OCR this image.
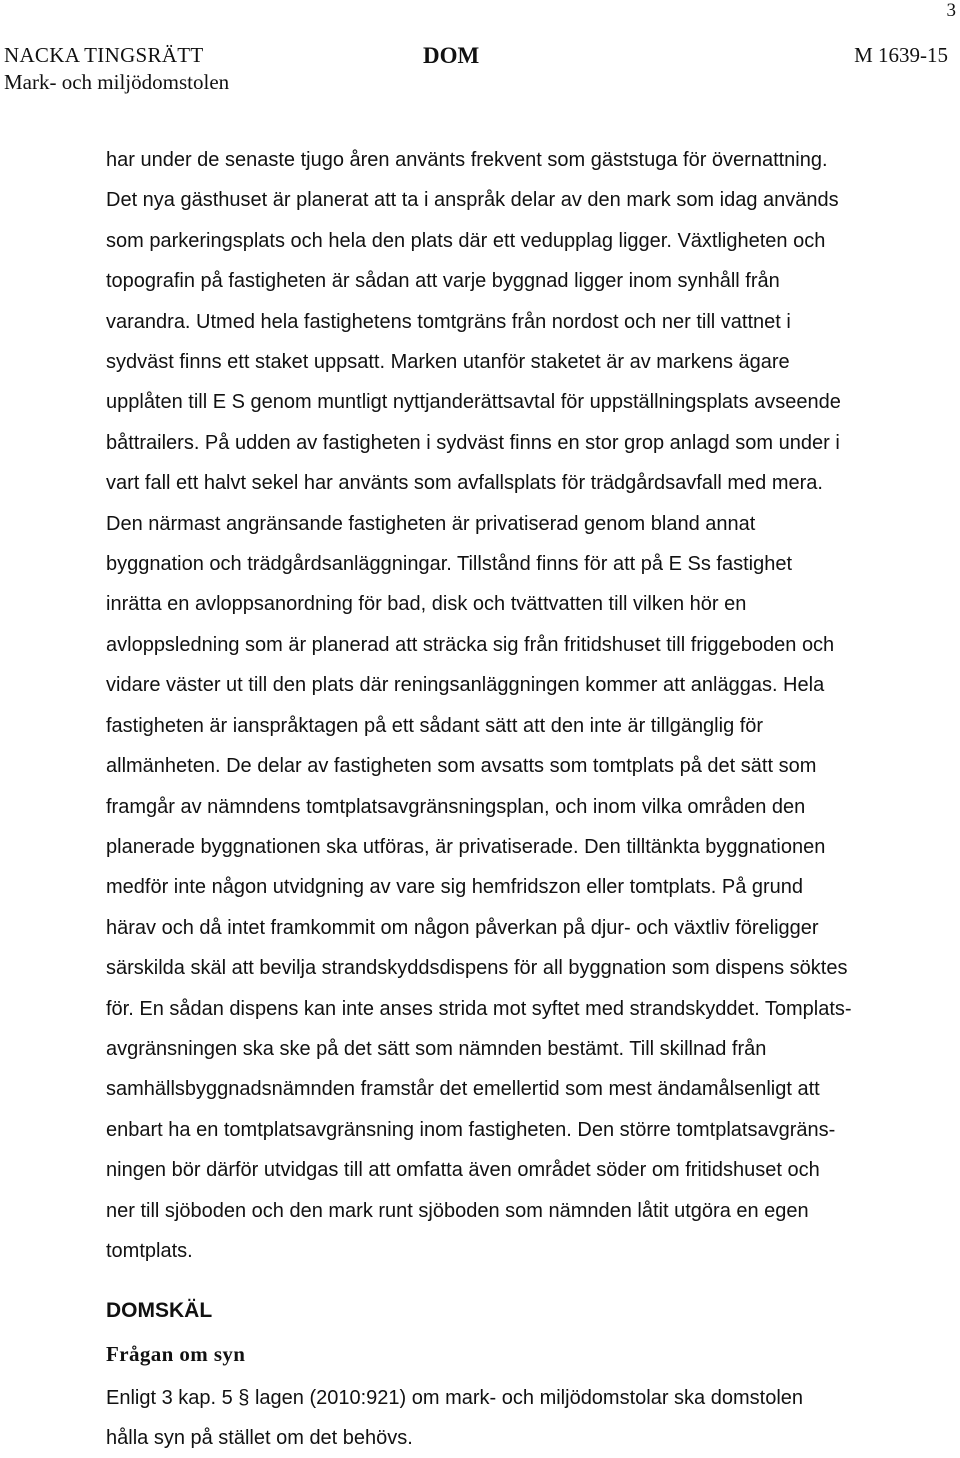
3
NACKA TINGSRÄTT
Mark- och miljödomstolen
DOM	M 1639-15
har under de senaste tjugo åren använts frekvent som gäststuga för övernattning.
Det nya gästhuset är planerat att ta i anspråk delar av den mark som idag används
som parkeringsplats och hela den plats där ett vedupplag ligger. Växtligheten och
topografin på fastigheten är sådan att varje byggnad ligger inom synhåll från
varandra. Utmed hela fastighetens tomtgräns från nordost och ner till vattnet i
sydväst finns ett staket uppsatt. Marken utanför staketet är av markens ägare
upplåten till E S genom muntligt nyttjanderättsavtal för uppställningsplats avseende
båttrailers. På udden av fastigheten i sydväst finns en stor grop anlagd som under i
vart fall ett halvt sekel har använts som avfallsplats för trädgårdsavfall med mera.
Den närmast angränsande fastigheten är privatiserad genom bland annat
byggnation och trädgårdsanläggningar. Tillstånd finns för att på E Ss fastighet
inrätta en avloppsanordning för bad, disk och tvättvatten till vilken hör en
avloppsledning som är planerad att sträcka sig från fritidshuset till friggeboden och
vidare väster ut till den plats där reningsanläggningen kommer att anläggas. Hela
fastigheten är ianspråktagen på ett sådant sätt att den inte är tillgänglig för
allmänheten. De delar av fastigheten som avsatts som tomtplats på det sätt som
framgår av nämndens tomtplatsavgränsningsplan, och inom vilka områden den
planerade byggnationen ska utföras, är privatiserade. Den tilltänkta byggnationen
medför inte någon utvidgning av vare sig hemfridszon eller tomtplats. På grund
härav och då intet framkommit om någon påverkan på djur- och växtliv föreligger
särskilda skäl att bevilja strandskyddsdispens för all byggnation som dispens söktes
för. En sådan dispens kan inte anses strida mot syftet med strandskyddet. Tomplats-
avgränsningen ska ske på det sätt som nämnden bestämt. Till skillnad från
samhällsbyggnadsnämnden framstår det emellertid som mest ändamålsenligt att
enbart ha en tomtplatsavgränsning inom fastigheten. Den större tomtplatsavgräns-
ningen bör därför utvidgas till att omfatta även området söder om fritidshuset och
ner till sjöboden och den mark runt sjöboden som nämnden låtit utgöra en egen
tomtplats.
DOMSKÄL
Frågan om syn
Enligt 3 kap. 5 § lagen (2010:921) om mark- och miljödomstolar ska domstolen
hålla syn på stället om det behövs.
